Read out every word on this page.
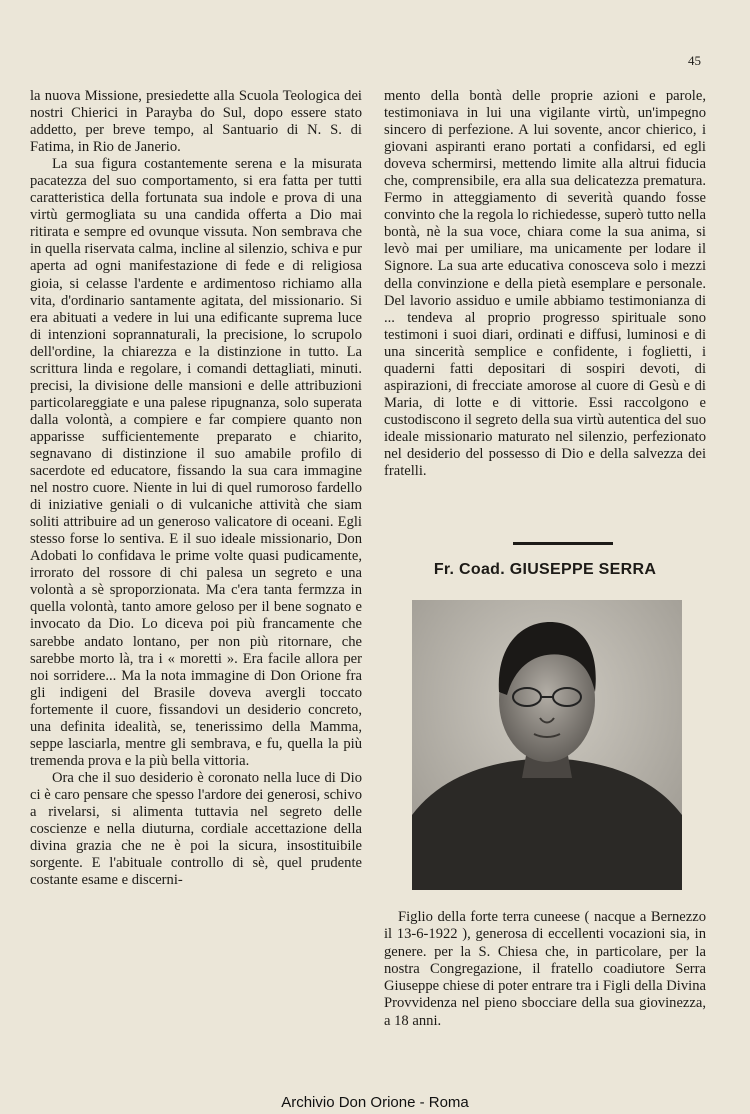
45

la nuova Missione, presiedette alla Scuola Teologica dei nostri Chierici in Parayba do Sul, dopo essere stato addetto, per breve tempo, al Santuario di N. S. di Fatima, in Rio de Janerio.

La sua figura costantemente serena e la misurata pacatezza del suo comportamento, si era fatta per tutti caratteristica della fortunata sua indole e prova di una virtù germogliata su una candida offerta a Dio mai ritirata e sempre ed ovunque vissuta. Non sembrava che in quella riservata calma, incline al silenzio, schiva e pur aperta ad ogni manifestazione di fede e di religiosa gioia, si celasse l'ardente e ardimentoso richiamo alla vita, d'ordinario santamente agitata, del missionario. Si era abituati a vedere in lui una edificante suprema luce di intenzioni soprannaturali, la precisione, lo scrupolo dell'ordine, la chiarezza e la distinzione in tutto. La scrittura linda e regolare, i comandi dettagliati, minuti. precisi, la divisione delle mansioni e delle attribuzioni particolareggiate e una palese ripugnanza, solo superata dalla volontà, a compiere e far compiere quanto non apparisse sufficientemente preparato e chiarito, segnavano di distinzione il suo amabile profilo di sacerdote ed educatore, fissando la sua cara immagine nel nostro cuore. Niente in lui di quel rumoroso fardello di iniziative geniali o di vulcaniche attività che siam soliti attribuire ad un generoso valicatore di oceani. Egli stesso forse lo sentiva. E il suo ideale missionario, Don Adobati lo confidava le prime volte quasi pudicamente, irrorato del rossore di chi palesa un segreto e una volontà a sè sproporzionata. Ma c'era tanta fermzza in quella volontà, tanto amore geloso per il bene sognato e invocato da Dio. Lo diceva poi più francamente che sarebbe andato lontano, per non più ritornare, che sarebbe morto là, tra i « moretti ». Era facile allora per noi sorridere... Ma la nota immagine di Don Orione fra gli indigeni del Brasile doveva avergli toccato fortemente il cuore, fissandovi un desiderio concreto, una definita idealità, se, tenerissimo della Mamma, seppe lasciarla, mentre gli sembrava, e fu, quella la più tremenda prova e la più bella vittoria.

Ora che il suo desiderio è coronato nella luce di Dio ci è caro pensare che spesso l'ardore dei generosi, schivo a rivelarsi, si alimenta tuttavia nel segreto delle coscienze e nella diuturna, cordiale accettazione della divina grazia che ne è poi la sicura, insostituibile sorgente. E l'abituale controllo di sè, quel prudente costante esame e discerni-

mento della bontà delle proprie azioni e parole, testimoniava in lui una vigilante virtù, un'impegno sincero di perfezione. A lui sovente, ancor chierico, i giovani aspiranti erano portati a confidarsi, ed egli doveva schermirsi, mettendo limite alla altrui fiducia che, comprensibile, era alla sua delicatezza prematura. Fermo in atteggiamento di severità quando fosse convinto che la regola lo richiedesse, superò tutto nella bontà, nè la sua voce, chiara come la sua anima, si levò mai per umiliare, ma unicamente per lodare il Signore. La sua arte educativa conosceva solo i mezzi della convinzione e della pietà esemplare e personale. Del lavorio assiduo e umile abbiamo testimonianza di ... tendeva al proprio progresso spirituale sono testimoni i suoi diari, ordinati e diffusi, luminosi e di una sincerità semplice e confidente, i foglietti, i quaderni fatti depositari di sospiri devoti, di aspirazioni, di frecciate amorose al cuore di Gesù e di Maria, di lotte e di vittorie. Essi raccolgono e custodiscono il segreto della sua virtù autentica del suo ideale missionario maturato nel silenzio, perfezionato nel desiderio del possesso di Dio e della salvezza dei fratelli.

Fr. Coad. GIUSEPPE SERRA
Figlio della forte terra cuneese ( nacque a Bernezzo il 13-6-1922 ), generosa di eccellenti vocazioni sia, in genere. per la S. Chiesa che, in particolare, per la nostra Congregazione, il fratello coadiutore Serra Giuseppe chiese di poter entrare tra i Figli della Divina Provvidenza nel pieno sbocciare della sua giovinezza, a 18 anni.
Archivio Don Orione - Roma
